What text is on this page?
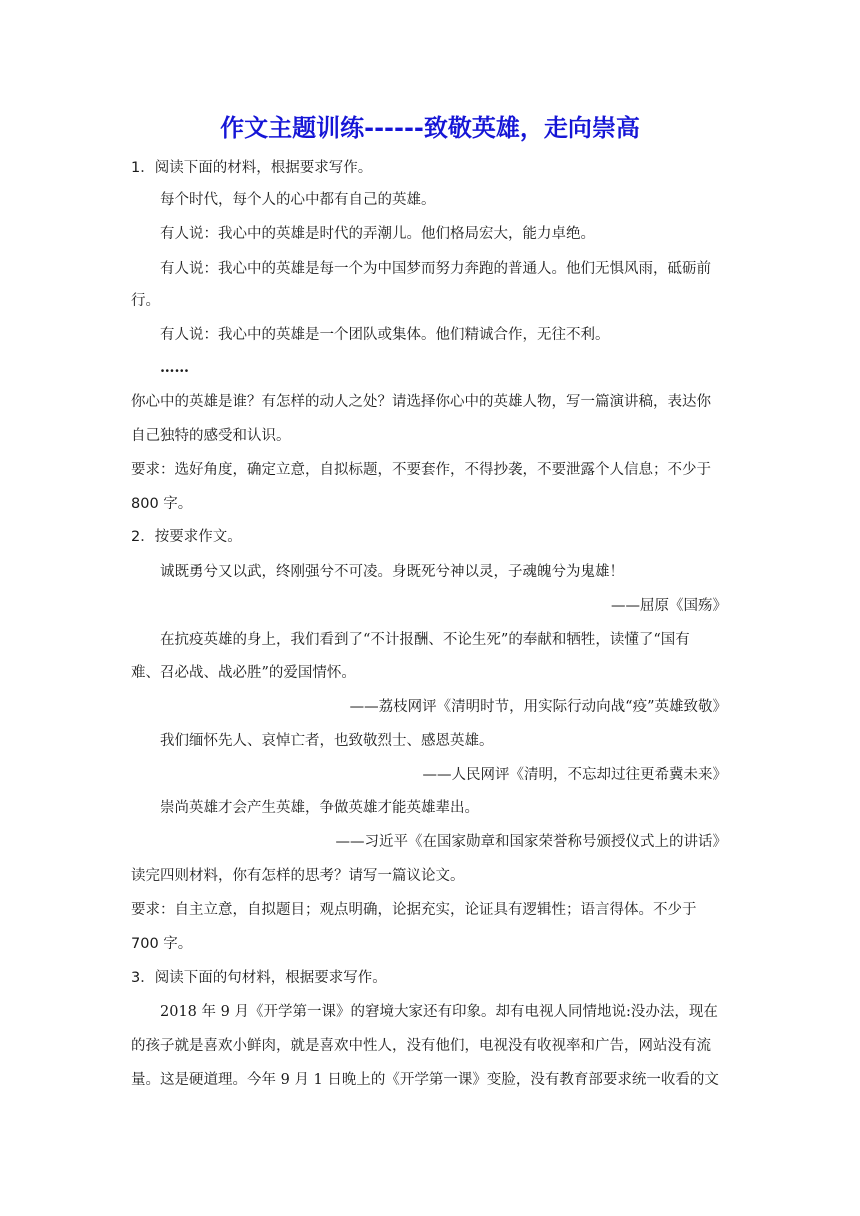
作文主题训练------致敬英雄，走向崇高
1．阅读下面的材料，根据要求写作。
每个时代，每个人的心中都有自己的英雄。
有人说：我心中的英雄是时代的弄潮儿。他们格局宏大，能力卓绝。
有人说：我心中的英雄是每一个为中国梦而努力奔跑的普通人。他们无惧风雨，砥砺前
行。
有人说：我心中的英雄是一个团队或集体。他们精诚合作，无往不利。
……
你心中的英雄是谁？有怎样的动人之处？请选择你心中的英雄人物，写一篇演讲稿，表达你
自己独特的感受和认识。
要求：选好角度，确定立意，自拟标题，不要套作，不得抄袭，不要泄露个人信息；不少于
800 字。
2．按要求作文。
诚既勇兮又以武，终刚强兮不可凌。身既死兮神以灵，子魂魄兮为鬼雄！
——屈原《国殇》
在抗疫英雄的身上，我们看到了“不计报酬、不论生死”的奉献和牺牲，读懂了“国有
难、召必战、战必胜”的爱国情怀。
——荔枝网评《清明时节，用实际行动向战“疫”英雄致敬》
我们缅怀先人、哀悼亡者，也致敬烈士、感恩英雄。
——人民网评《清明，不忘却过往更希冀未来》
崇尚英雄才会产生英雄，争做英雄才能英雄辈出。
——习近平《在国家勋章和国家荣誉称号颁授仪式上的讲话》
读完四则材料，你有怎样的思考？请写一篇议论文。
要求：自主立意，自拟题目；观点明确，论据充实，论证具有逻辑性；语言得体。不少于
700 字。
3．阅读下面的句材料，根据要求写作。
2018 年 9 月《开学第一课》的窘境大家还有印象。却有电视人同情地说:没办法，现在
的孩子就是喜欢小鲜肉，就是喜欢中性人，没有他们，电视没有收视率和广告，网站没有流
量。这是硬道理。今年 9 月 1 日晚上的《开学第一课》变脸，没有教育部要求统一收看的文
